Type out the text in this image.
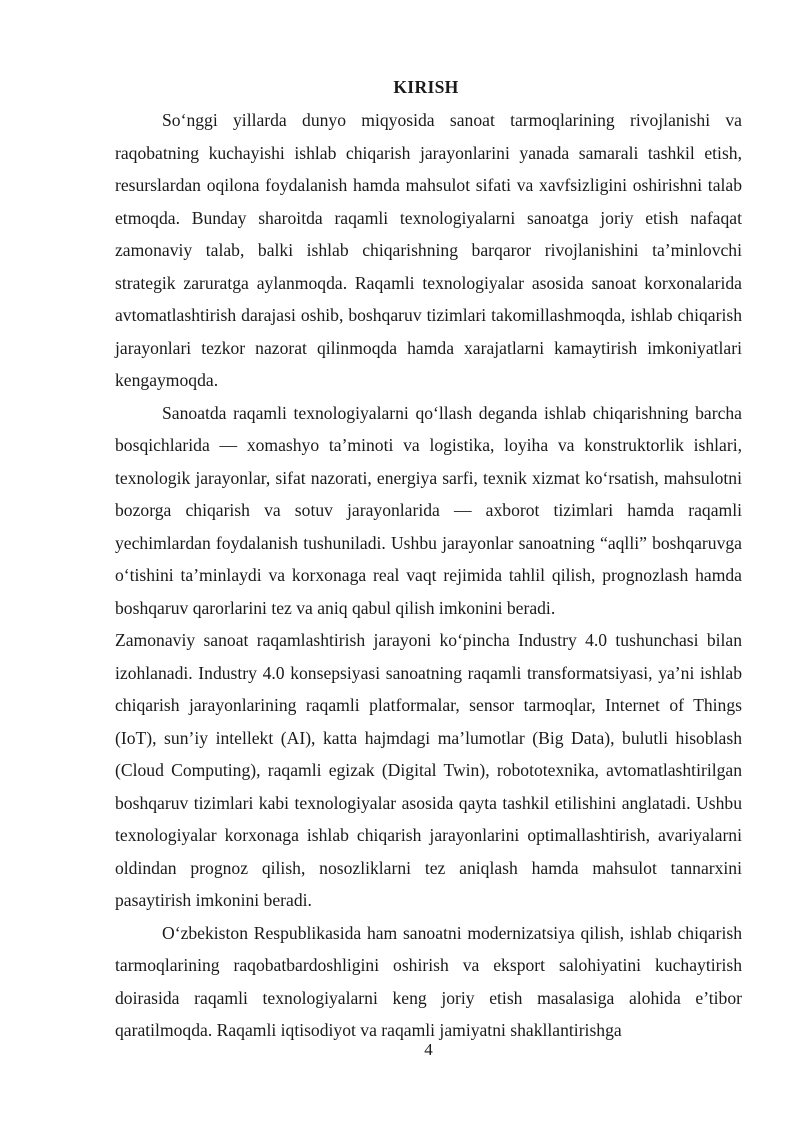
KIRISH

So‘nggi yillarda dunyo miqyosida sanoat tarmoqlarining rivojlanishi va raqobatning kuchayishi ishlab chiqarish jarayonlarini yanada samarali tashkil etish, resurslardan oqilona foydalanish hamda mahsulot sifati va xavfsizligini oshirishni talab etmoqda. Bunday sharoitda raqamli texnologiyalarni sanoatga joriy etish nafaqat zamonaviy talab, balki ishlab chiqarishning barqaror rivojlanishini ta’minlovchi strategik zaruratga aylanmoqda. Raqamli texnologiyalar asosida sanoat korxonalarida avtomatlashtirish darajasi oshib, boshqaruv tizimlari takomillashmoqda, ishlab chiqarish jarayonlari tezkor nazorat qilinmoqda hamda xarajatlarni kamaytirish imkoniyatlari kengaymoqda.

Sanoatda raqamli texnologiyalarni qo‘llash deganda ishlab chiqarishning barcha bosqichlarida — xomashyo ta’minoti va logistika, loyiha va konstruktorlik ishlari, texnologik jarayonlar, sifat nazorati, energiya sarfi, texnik xizmat ko‘rsatish, mahsulotni bozorga chiqarish va sotuv jarayonlarida — axborot tizimlari hamda raqamli yechimlardan foydalanish tushuniladi. Ushbu jarayonlar sanoatning “aqlli” boshqaruvga o‘tishini ta’minlaydi va korxonaga real vaqt rejimida tahlil qilish, prognozlash hamda boshqaruv qarorlarini tez va aniq qabul qilish imkonini beradi.

Zamonaviy sanoat raqamlashtirish jarayoni ko‘pincha Industry 4.0 tushunchasi bilan izohlanadi. Industry 4.0 konsepsiyasi sanoatning raqamli transformatsiyasi, ya’ni ishlab chiqarish jarayonlarining raqamli platformalar, sensor tarmoqlar, Internet of Things (IoT), sun’iy intellekt (AI), katta hajmdagi ma’lumotlar (Big Data), bulutli hisoblash (Cloud Computing), raqamli egizak (Digital Twin), robototexnika, avtomatlashtirilgan boshqaruv tizimlari kabi texnologiyalar asosida qayta tashkil etilishini anglatadi. Ushbu texnologiyalar korxonaga ishlab chiqarish jarayonlarini optimallashtirish, avariyalarni oldindan prognoz qilish, nosozliklarni tez aniqlash hamda mahsulot tannarxini pasaytirish imkonini beradi.

O‘zbekiston Respublikasida ham sanoatni modernizatsiya qilish, ishlab chiqarish tarmoqlarining raqobatbardoshligini oshirish va eksport salohiyatini kuchaytirish doirasida raqamli texnologiyalarni keng joriy etish masalasiga alohida e’tibor qaratilmoqda. Raqamli iqtisodiyot va raqamli jamiyatni shakllantirishga

4
